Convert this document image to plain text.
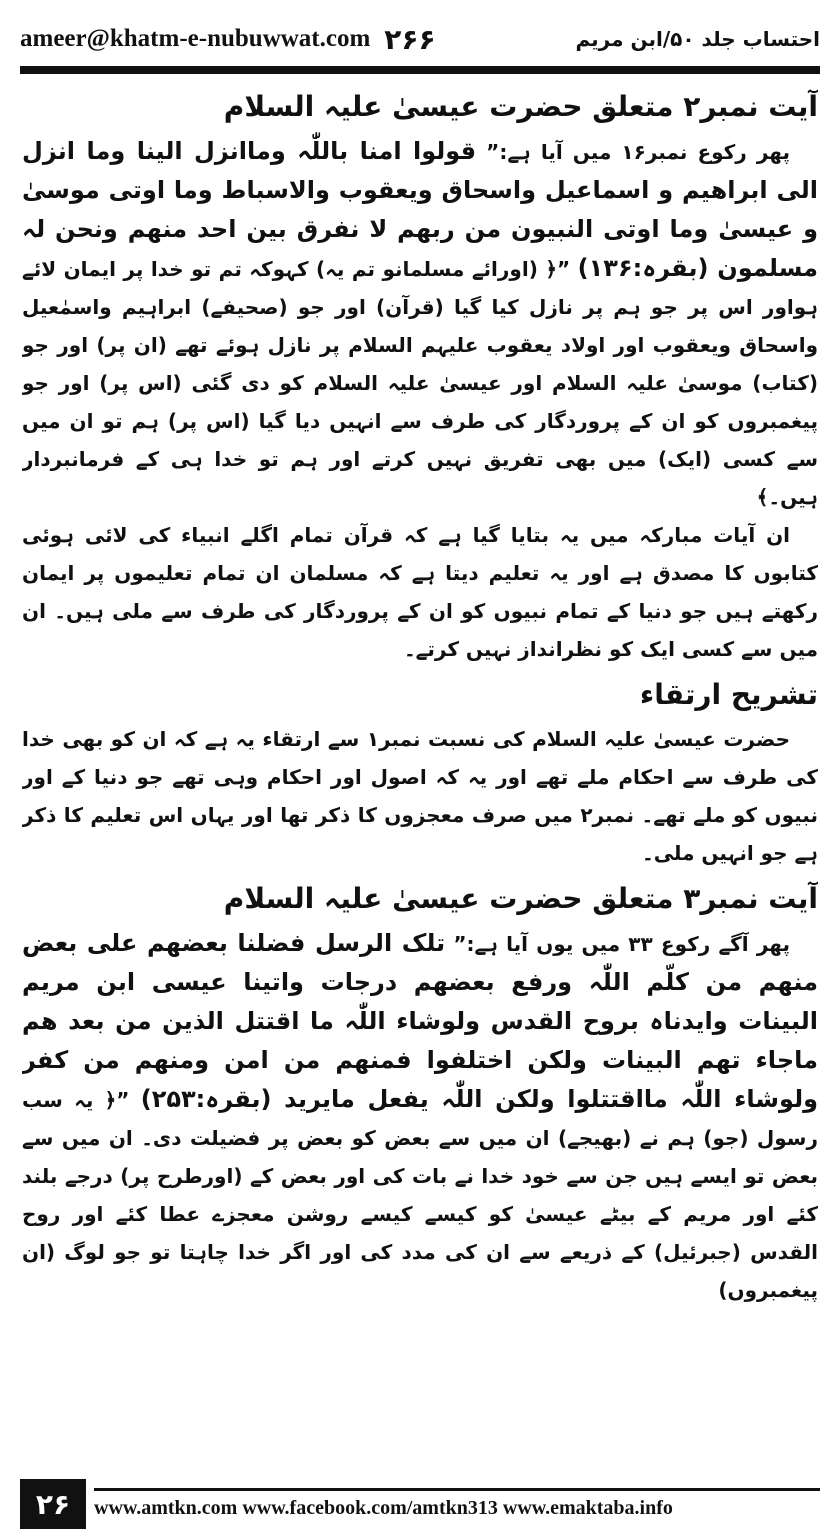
ameer@khatm-e-nubuwwat.com ۲۶۶	احتساب جلد ۵۰/ابن مریم
آیت نمبر۲ متعلق حضرت عیسیٰ علیہ السلام

پھر رکوع نمبر۱۶ میں آیا ہے:” قولوا امنا باللّٰہ وماانزل الینا وما انزل الی ابراھیم و اسماعیل واسحاق ویعقوب والاسباط وما اوتی موسیٰ و عیسیٰ وما اوتی النبیون من ربھم لا نفرق بین احد منھم ونحن لہ مسلمون (بقرہ:۱۳۶) ”﴿ (اورائے مسلمانو تم یہ) کہوکہ تم تو خدا پر ایمان لائے ہواور اس پر جو ہم پر نازل کیا گیا (قرآن) اور جو (صحیفے) ابراہیم واسمٰعیل واسحاق ویعقوب اور اولاد یعقوب علیہم السلام پر نازل ہوئے تھے (ان پر) اور جو (کتاب) موسیٰ علیہ السلام اور عیسیٰ علیہ السلام کو دی گئی (اس پر) اور جو پیغمبروں کو ان کے پروردگار کی طرف سے انہیں دیا گیا (اس پر) ہم تو ان میں سے کسی (ایک) میں بھی تفریق نہیں کرتے اور ہم تو خدا ہی کے فرمانبردار ہیں۔﴾

ان آیات مبارکہ میں یہ بتایا گیا ہے کہ قرآن تمام اگلے انبیاء کی لائی ہوئی کتابوں کا مصدق ہے اور یہ تعلیم دیتا ہے کہ مسلمان ان تمام تعلیموں پر ایمان رکھتے ہیں جو دنیا کے تمام نبیوں کو ان کے پروردگار کی طرف سے ملی ہیں۔ ان میں سے کسی ایک کو نظرانداز نہیں کرتے۔

تشریح ارتقاء

حضرت عیسیٰ علیہ السلام کی نسبت نمبر۱ سے ارتقاء یہ ہے کہ ان کو بھی خدا کی طرف سے احکام ملے تھے اور یہ کہ اصول اور احکام وہی تھے جو دنیا کے اور نبیوں کو ملے تھے۔ نمبر۲ میں صرف معجزوں کا ذکر تھا اور یہاں اس تعلیم کا ذکر ہے جو انہیں ملی۔

آیت نمبر۳ متعلق حضرت عیسیٰ علیہ السلام

پھر آگے رکوع ۳۳ میں یوں آیا ہے:” تلک الرسل فضلنا بعضھم علی بعض منھم من کلّم اللّٰہ ورفع بعضھم درجات واتینا عیسی ابن مریم البینات وایدناہ بروح القدس ولوشاء اللّٰہ ما اقتتل الذین من بعد ھم ماجاء تھم البینات ولکن اختلفوا فمنھم من امن ومنھم من کفر ولوشاء اللّٰہ مااقتتلوا ولکن اللّٰہ یفعل مایرید (بقرہ:۲۵۳) ”﴿ یہ سب رسول (جو) ہم نے (بھیجے) ان میں سے بعض کو بعض پر فضیلت دی۔ ان میں سے بعض تو ایسے ہیں جن سے خود خدا نے بات کی اور بعض کے (اورطرح پر) درجے بلند کئے اور مریم کے بیٹے عیسیٰ کو کیسے کیسے روشن معجزے عطا کئے اور روح القدس (جبرئیل) کے ذریعے سے ان کی مدد کی اور اگر خدا چاہتا تو جو لوگ (ان پیغمبروں)

۲۶	www.amtkn.com www.facebook.com/amtkn313 www.emaktaba.info
